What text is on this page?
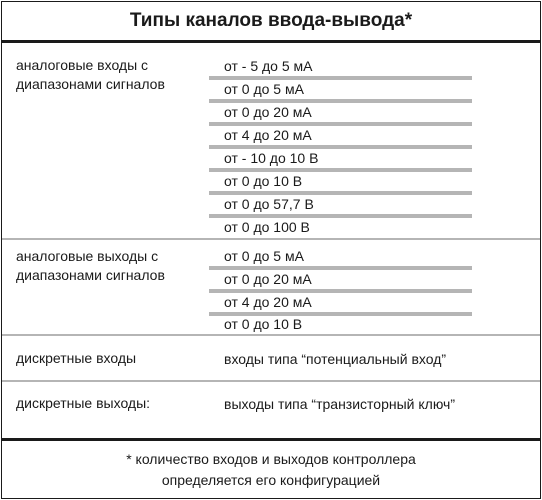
Типы каналов ввода-вывода*
аналоговые входы с
диапазонами сигналов
от - 5 до 5 мА
от 0 до 5 мА
от 0 до 20 мА
от 4 до 20 мА
от - 10 до 10 В
от 0 до 10 В
от 0 до 57,7 В
от 0 до 100 В
аналоговые выходы с
диапазонами сигналов
от 0 до 5 мА
от 0 до 20 мА
от 4 до 20 мА
от 0 до 10 В
дискретные входы	входы типа “потенциальный вход”
дискретные выходы:	выходы типа “транзисторный ключ”
* количество входов и выходов контроллера
определяется его конфигурацией
